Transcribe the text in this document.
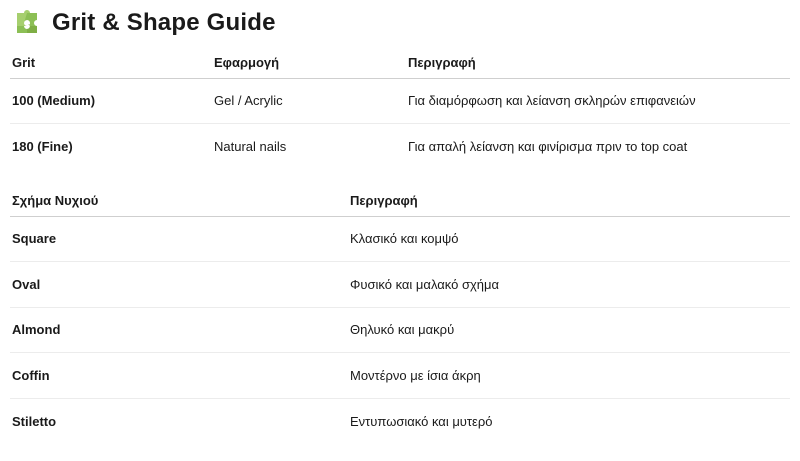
Grit & Shape Guide
Grit	Εφαρμογή	Περιγραφή
100 (Medium)	Gel / Acrylic	Για διαμόρφωση και λείανση σκληρών επιφανειών
180 (Fine)	Natural nails	Για απαλή λείανση και φινίρισμα πριν το top coat
Σχήμα Νυχιού	Περιγραφή
Square	Κλασικό και κομψό
Oval	Φυσικό και μαλακό σχήμα
Almond	Θηλυκό και μακρύ
Coffin	Μοντέρνο με ίσια άκρη
Stiletto	Εντυπωσιακό και μυτερό
